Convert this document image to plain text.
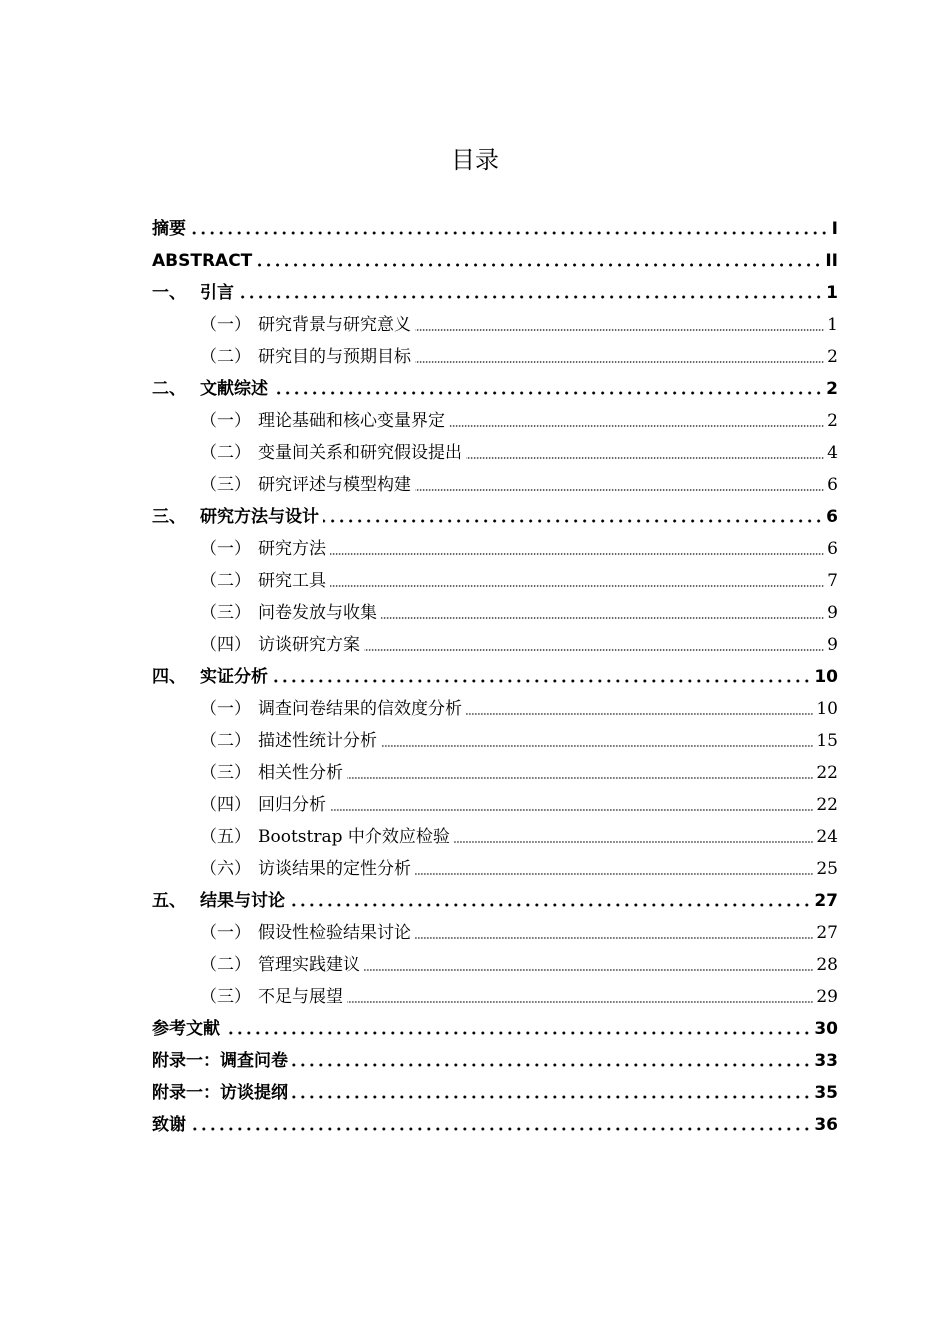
目录
摘要	I
ABSTRACT	II
一、 引言	1
（一） 研究背景与研究意义	1
（二） 研究目的与预期目标	2
二、 文献综述	2
（一） 理论基础和核心变量界定	2
（二） 变量间关系和研究假设提出	4
（三） 研究评述与模型构建	6
三、 研究方法与设计	6
（一） 研究方法	6
（二） 研究工具	7
（三） 问卷发放与收集	9
（四） 访谈研究方案	9
四、 实证分析	10
（一） 调查问卷结果的信效度分析	10
（二） 描述性统计分析	15
（三） 相关性分析	22
（四） 回归分析	22
（五） Bootstrap 中介效应检验	24
（六） 访谈结果的定性分析	25
五、 结果与讨论	27
（一） 假设性检验结果讨论	27
（二） 管理实践建议	28
（三） 不足与展望	29
参考文献	30
附录一：调查问卷	33
附录一：访谈提纲	35
致谢	36
